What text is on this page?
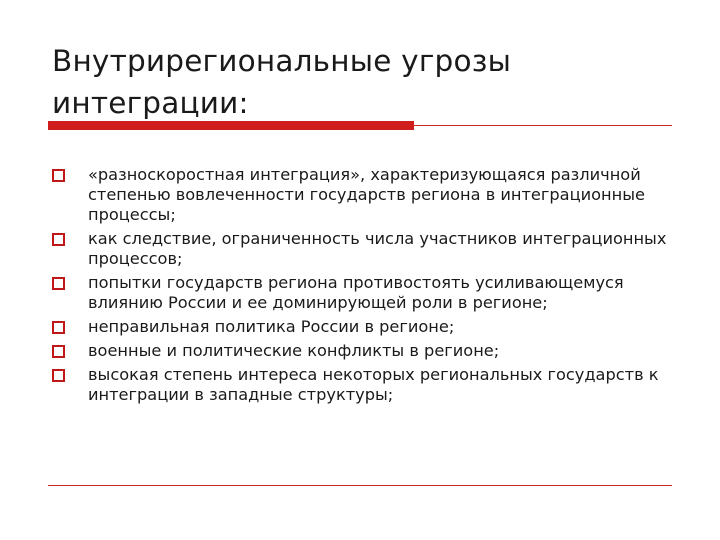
Внутрирегиональные угрозы
интеграции:
«разноскоростная интеграция», характеризующаяся различной степенью вовлеченности государств региона в интеграционные процессы;
как следствие, ограниченность числа участников интеграционных процессов;
попытки государств региона противостоять усиливающемуся влиянию России и ее доминирующей роли в регионе;
неправильная политика России в регионе;
военные и политические конфликты в регионе;
высокая степень интереса некоторых региональных государств к интеграции в западные структуры;
